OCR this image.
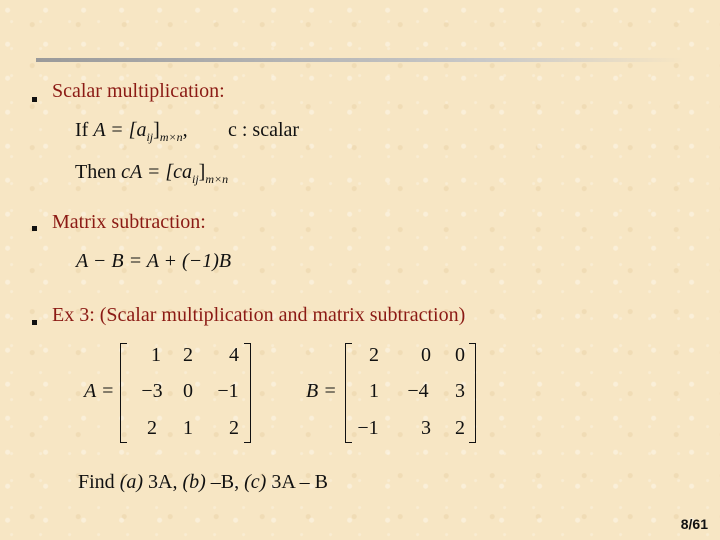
Scalar multiplication:
If $A = [a_{ij}]_{m\times n}$, c : scalar
Then cA = $[ca_{ij}]_{m\times n}$
Matrix subtraction:
A − B = A + (−1)B
Ex 3: (Scalar multiplication and matrix subtraction)
A =
1	2	4
−3	0	−1
2	1	2
B =
2	0	0
1	−4	3
−1	3	2
Find (a) 3A, (b) –B, (c) 3A – B
8/61
